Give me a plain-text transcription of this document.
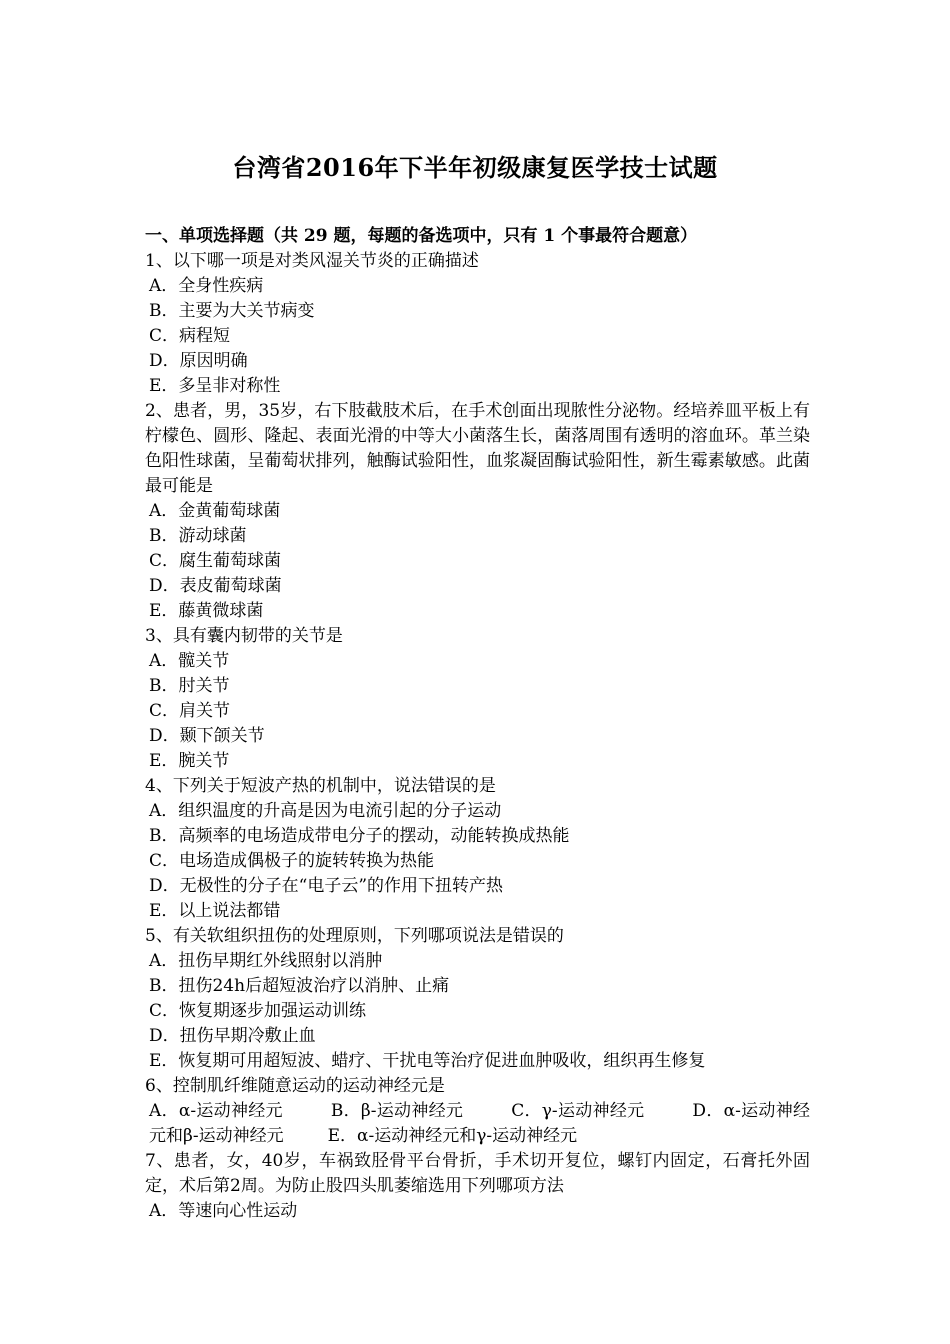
台湾省2016年下半年初级康复医学技士试题
一、单项选择题（共 29 题，每题的备选项中，只有 1 个事最符合题意）
1、以下哪一项是对类风湿关节炎的正确描述
A．全身性疾病
B．主要为大关节病变
C．病程短
D．原因明确
E．多呈非对称性
2、患者，男，35岁，右下肢截肢术后，在手术创面出现脓性分泌物。经培养皿平板上有柠檬色、圆形、隆起、表面光滑的中等大小菌落生长，菌落周围有透明的溶血环。革兰染色阳性球菌，呈葡萄状排列，触酶试验阳性，血浆凝固酶试验阳性，新生霉素敏感。此菌最可能是
A．金黄葡萄球菌
B．游动球菌
C．腐生葡萄球菌
D．表皮葡萄球菌
E．藤黄微球菌
3、具有囊内韧带的关节是
A．髋关节
B．肘关节
C．肩关节
D．颞下颌关节
E．腕关节
4、下列关于短波产热的机制中，说法错误的是
A．组织温度的升高是因为电流引起的分子运动
B．高频率的电场造成带电分子的摆动，动能转换成热能
C．电场造成偶极子的旋转转换为热能
D．无极性的分子在“电子云”的作用下扭转产热
E．以上说法都错
5、有关软组织扭伤的处理原则，下列哪项说法是错误的
A．扭伤早期红外线照射以消肿
B．扭伤24h后超短波治疗以消肿、止痛
C．恢复期逐步加强运动训练
D．扭伤早期冷敷止血
E．恢复期可用超短波、蜡疗、干扰电等治疗促进血肿吸收，组织再生修复
6、控制肌纤维随意运动的运动神经元是
A．α-运动神经元	B．β-运动神经元	C．γ-运动神经元	D．α-运动神经元和β-运动神经元	E．α-运动神经元和γ-运动神经元
7、患者，女，40岁，车祸致胫骨平台骨折，手术切开复位，螺钉内固定，石膏托外固定，术后第2周。为防止股四头肌萎缩选用下列哪项方法
A．等速向心性运动
